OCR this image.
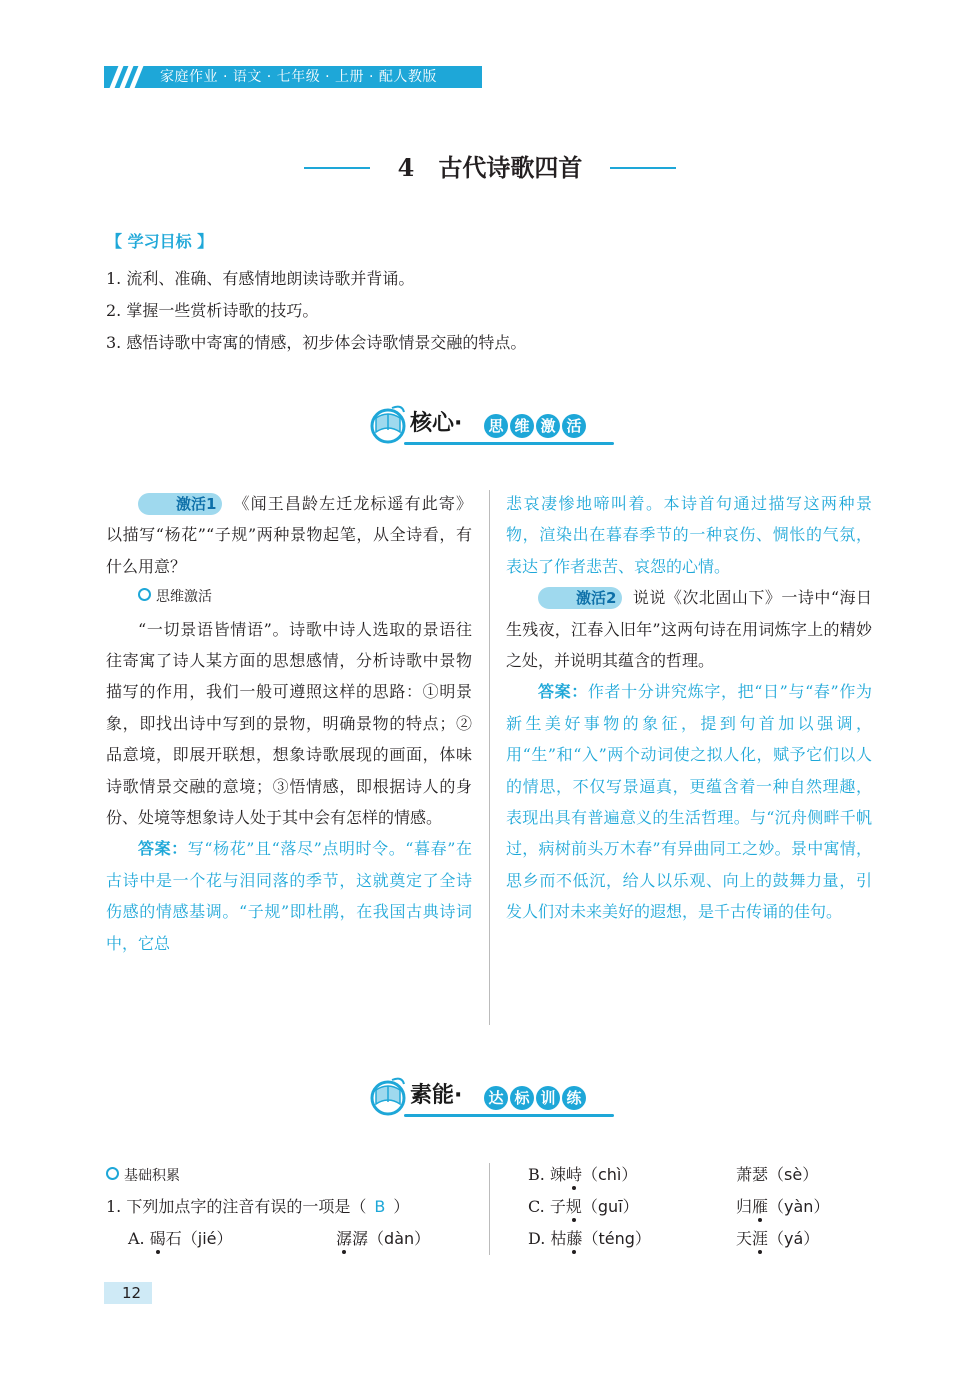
家庭作业 · 语文 · 七年级 · 上册 · 配人教版
4　古代诗歌四首
【 学习目标 】
1. 流利、准确、有感情地朗读诗歌并背诵。
2. 掌握一些赏析诗歌的技巧。
3. 感悟诗歌中寄寓的情感，初步体会诗歌情景交融的特点。
核心· 思 维 激 活

激活1 《闻王昌龄左迁龙标遥有此寄》以描写“杨花”“子规”两种景物起笔，从全诗看，有什么用意？

思维激活

“一切景语皆情语”。诗歌中诗人选取的景语往往寄寓了诗人某方面的思想感情，分析诗歌中景物描写的作用，我们一般可遵照这样的思路：①明景象，即找出诗中写到的景物，明确景物的特点；②品意境，即展开联想，想象诗歌展现的画面，体味诗歌情景交融的意境；③悟情感，即根据诗人的身份、处境等想象诗人处于其中会有怎样的情感。

答案：写“杨花”且“落尽”点明时令。“暮春”在古诗中是一个花与泪同落的季节，这就奠定了全诗伤感的情感基调。“子规”即杜鹃，在我国古典诗词中，它总

悲哀凄惨地啼叫着。本诗首句通过描写这两种景物，渲染出在暮春季节的一种哀伤、惆怅的气氛，表达了作者悲苦、哀怨的心情。

激活2 说说《次北固山下》一诗中“海日生残夜，江春入旧年”这两句诗在用词炼字上的精妙之处，并说明其蕴含的哲理。

答案：作者十分讲究炼字，把“日”与“春”作为新生美好事物的象征，提到句首加以强调，用“生”和“入”两个动词使之拟人化，赋予它们以人的情思，不仅写景逼真，更蕴含着一种自然理趣，表现出具有普遍意义的生活哲理。与“沉舟侧畔千帆过，病树前头万木春”有异曲同工之妙。景中寓情，思乡而不低沉，给人以乐观、向上的鼓舞力量，引发人们对未来美好的遐想，是千古传诵的佳句。

素能· 达 标 训 练
基础积累
1. 下列加点字的注音有误的一项是（ B ）
A. 碣石（jié）	潺潺（dàn）
B. 竦峙（chì）	萧瑟（sè）
C. 子规（guī）	归雁（yàn）
D. 枯藤（téng）	天涯（yá）
12
